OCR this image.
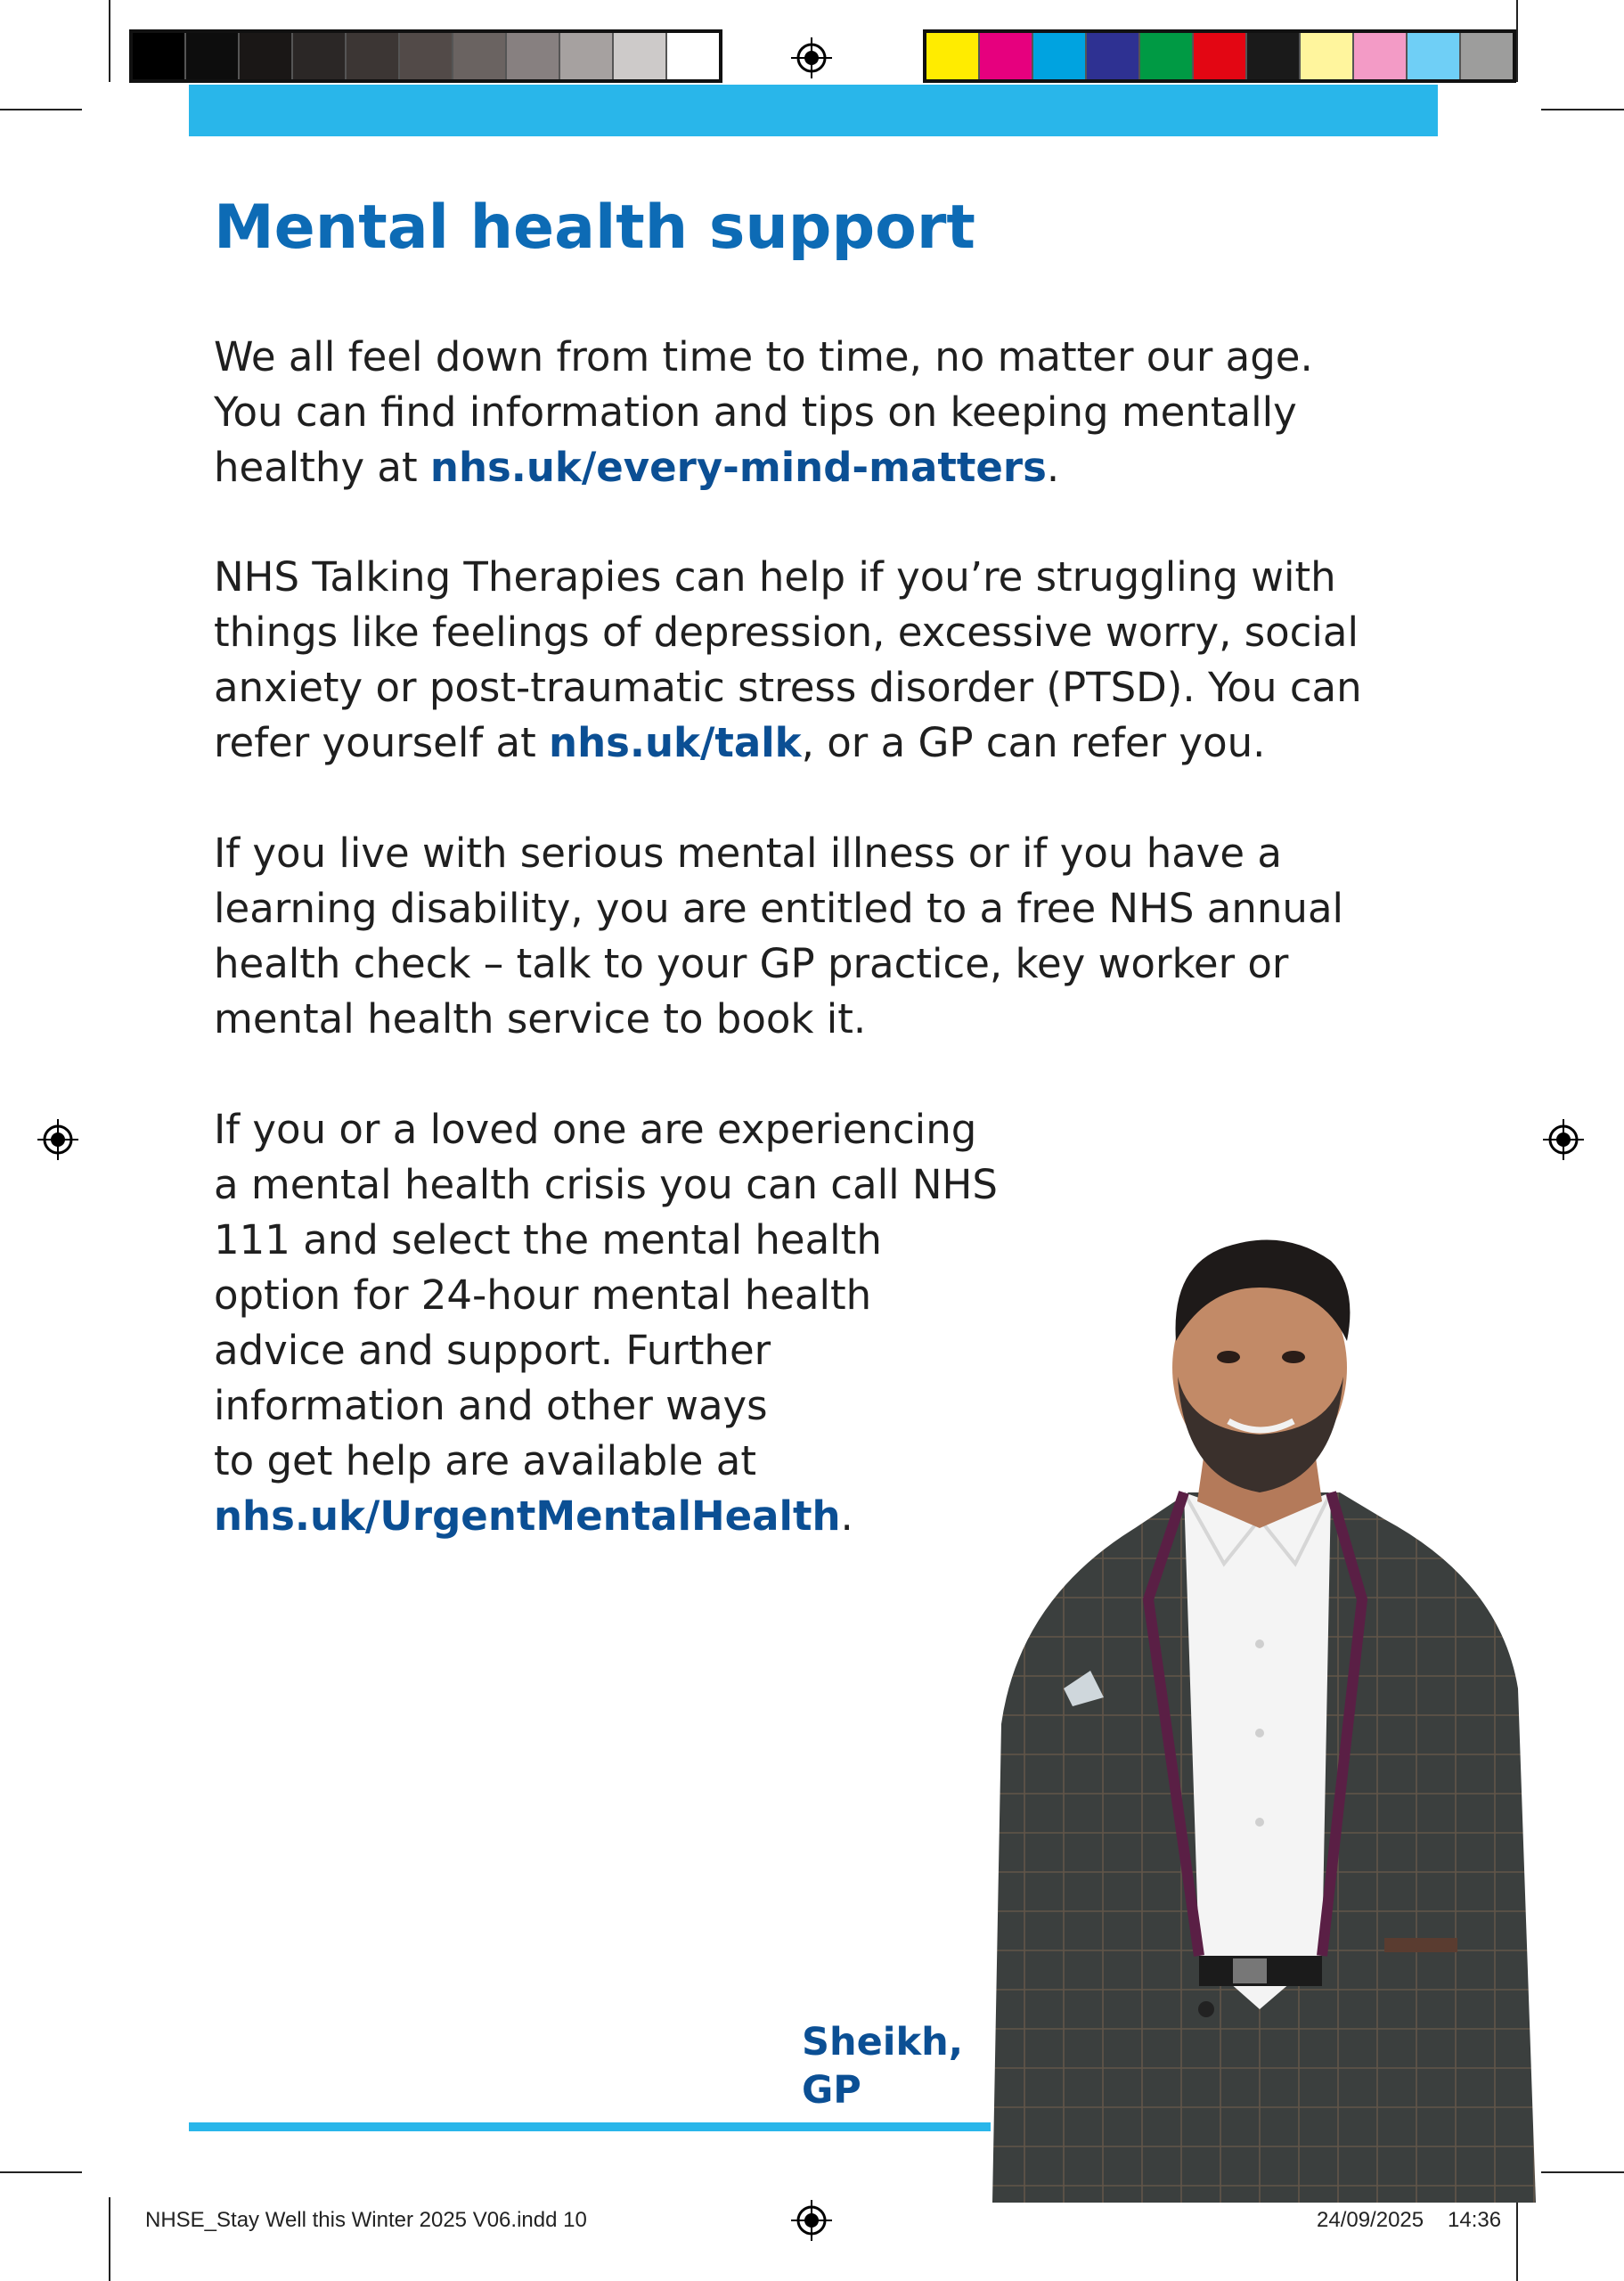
Mental health support
We all feel down from time to time, no matter our age.
You can find information and tips on keeping mentally
healthy at nhs.uk/every-mind-matters.
NHS Talking Therapies can help if you’re struggling with
things like feelings of depression, excessive worry, social
anxiety or post-traumatic stress disorder (PTSD). You can
refer yourself at nhs.uk/talk, or a GP can refer you.
If you live with serious mental illness or if you have a
learning disability, you are entitled to a free NHS annual
health check – talk to your GP practice, key worker or
mental health service to book it.
If you or a loved one are experiencing
a mental health crisis you can call NHS
111 and select the mental health
option for 24-hour mental health
advice and support. Further
information and other ways
to get help are available at
nhs.uk/UrgentMentalHealth.
Sheikh,
GP
NHSE_Stay Well this Winter 2025 V06.indd 10	24/09/2025 14:36
